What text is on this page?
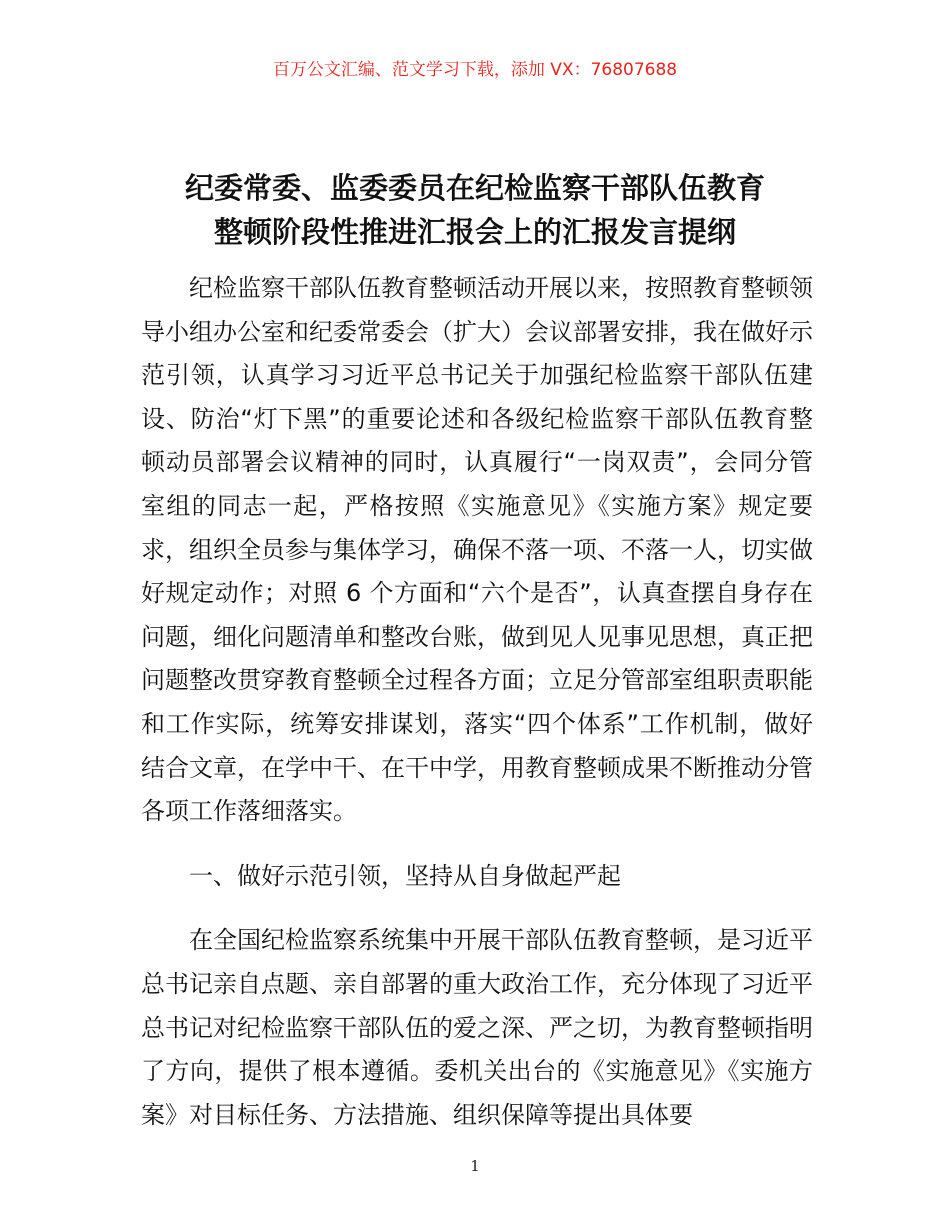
百万公文汇编、范文学习下载，添加 VX：76807688
纪委常委、监委委员在纪检监察干部队伍教育
整顿阶段性推进汇报会上的汇报发言提纲

纪检监察干部队伍教育整顿活动开展以来，按照教育整顿领导小组办公室和纪委常委会（扩大）会议部署安排，我在做好示范引领，认真学习习近平总书记关于加强纪检监察干部队伍建设、防治“灯下黑”的重要论述和各级纪检监察干部队伍教育整顿动员部署会议精神的同时，认真履行“一岗双责”，会同分管室组的同志一起，严格按照《实施意见》《实施方案》规定要求，组织全员参与集体学习，确保不落一项、不落一人，切实做好规定动作；对照 6 个方面和“六个是否”，认真查摆自身存在问题，细化问题清单和整改台账，做到见人见事见思想，真正把问题整改贯穿教育整顿全过程各方面；立足分管部室组职责职能和工作实际，统筹安排谋划，落实“四个体系”工作机制，做好结合文章，在学中干、在干中学，用教育整顿成果不断推动分管各项工作落细落实。

一、做好示范引领，坚持从自身做起严起

在全国纪检监察系统集中开展干部队伍教育整顿，是习近平总书记亲自点题、亲自部署的重大政治工作，充分体现了习近平总书记对纪检监察干部队伍的爱之深、严之切，为教育整顿指明了方向，提供了根本遵循。委机关出台的《实施意见》《实施方案》对目标任务、方法措施、组织保障等提出具体要

1
